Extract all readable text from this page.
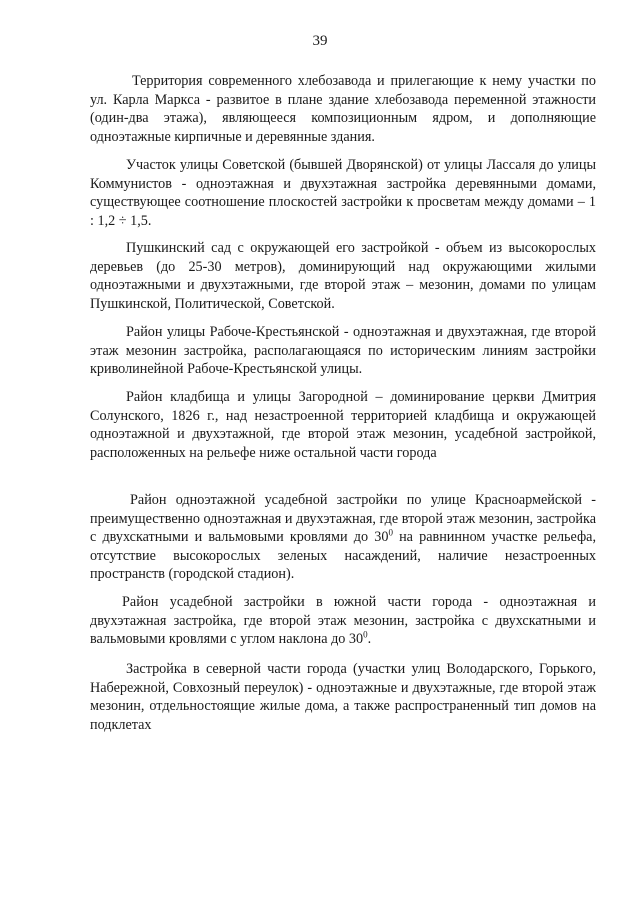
39

Территория современного хлебозавода и прилегающие к нему участки по ул. Карла Маркса - развитое в плане здание хлебозавода переменной этажности (один-два этажа), являющееся композиционным ядром, и дополняющие одноэтажные кирпичные и деревянные здания.

Участок улицы Советской (бывшей Дворянской) от улицы Лассаля до улицы Коммунистов - одноэтажная и двухэтажная застройка деревянными домами, существующее соотношение плоскостей застройки к просветам между домами – 1 : 1,2 ÷ 1,5.

Пушкинский сад с окружающей его застройкой - объем из высокорослых деревьев (до 25-30 метров), доминирующий над окружающими жилыми одноэтажными и двухэтажными, где второй этаж – мезонин, домами по улицам Пушкинской, Политической, Советской.

Район улицы Рабоче-Крестьянской - одноэтажная и двухэтажная, где второй этаж мезонин застройка, располагающаяся по историческим линиям застройки криволинейной Рабоче-Крестьянской улицы.

Район кладбища и улицы Загородной – доминирование церкви Дмитрия Солунского, 1826 г., над незастроенной территорией кладбища и окружающей одноэтажной и двухэтажной, где второй этаж мезонин, усадебной застройкой, расположенных на рельефе ниже остальной части города

Район одноэтажной усадебной застройки по улице Красноармейской - преимущественно одноэтажная и двухэтажная, где второй этаж мезонин, застройка с двухскатными и вальмовыми кровлями до $30^0$ на равнинном участке рельефа, отсутствие высокорослых зеленых насаждений, наличие незастроенных пространств (городской стадион).

Район усадебной застройки в южной части города - одноэтажная и двухэтажная застройка, где второй этаж мезонин, застройка с двухскатными и вальмовыми кровлями с углом наклона до $30^0$.

Застройка в северной части города (участки улиц Володарского, Горького, Набережной, Совхозный переулок) - одноэтажные и двухэтажные, где второй этаж мезонин, отдельностоящие жилые дома, а также распространенный тип домов на подклетах
